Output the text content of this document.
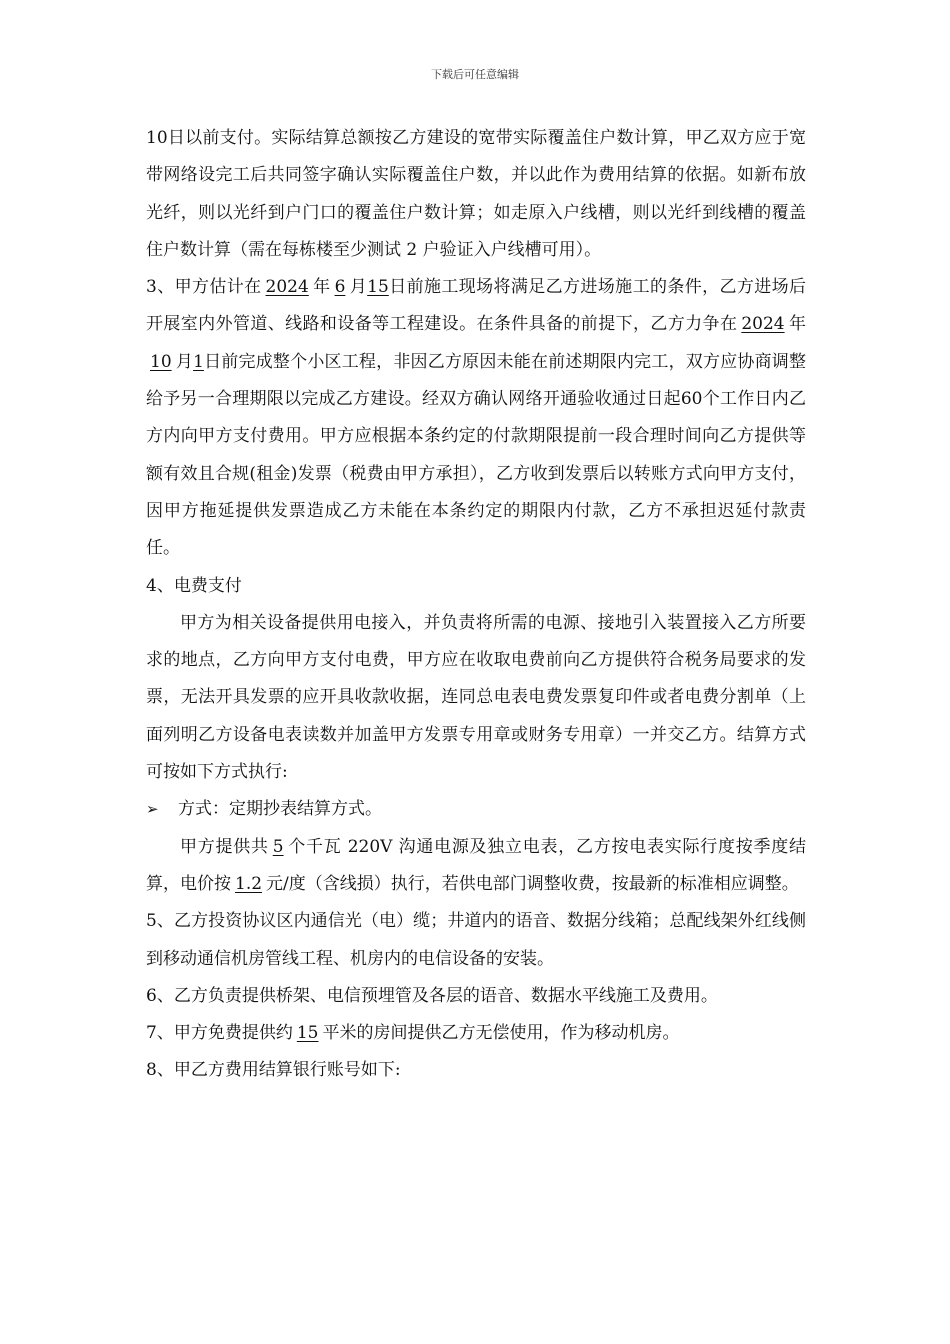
下载后可任意编辑

10日以前支付。实际结算总额按乙方建设的宽带实际覆盖住户数计算，甲乙双方应于宽带网络设完工后共同签字确认实际覆盖住户数，并以此作为费用结算的依据。如新布放光纤，则以光纤到户门口的覆盖住户数计算；如走原入户线槽，则以光纤到线槽的覆盖住户数计算（需在每栋楼至少测试 2 户验证入户线槽可用）。

3、甲方估计在 2024 年 6 月15日前施工现场将满足乙方进场施工的条件，乙方进场后开展室内外管道、线路和设备等工程建设。在条件具备的前提下，乙方力争在 2024 年10 月1日前完成整个小区工程，非因乙方原因未能在前述期限内完工，双方应协商调整给予另一合理期限以完成乙方建设。经双方确认网络开通验收通过日起60个工作日内乙方内向甲方支付费用。甲方应根据本条约定的付款期限提前一段合理时间向乙方提供等额有效且合规(租金)发票（税费由甲方承担），乙方收到发票后以转账方式向甲方支付，因甲方拖延提供发票造成乙方未能在本条约定的期限内付款，乙方不承担迟延付款责任。

4、电费支付

甲方为相关设备提供用电接入，并负责将所需的电源、接地引入装置接入乙方所要求的地点，乙方向甲方支付电费，甲方应在收取电费前向乙方提供符合税务局要求的发票，无法开具发票的应开具收款收据，连同总电表电费发票复印件或者电费分割单（上面列明乙方设备电表读数并加盖甲方发票专用章或财务专用章）一并交乙方。结算方式可按如下方式执行:

➢ 方式：定期抄表结算方式。

甲方提供共 5 个千瓦 220V 沟通电源及独立电表，乙方按电表实际行度按季度结算，电价按 1.2 元/度（含线损）执行，若供电部门调整收费，按最新的标准相应调整。

5、乙方投资协议区内通信光（电）缆；井道内的语音、数据分线箱；总配线架外红线侧到移动通信机房管线工程、机房内的电信设备的安装。

6、乙方负责提供桥架、电信预埋管及各层的语音、数据水平线施工及费用。

7、甲方免费提供约 15 平米的房间提供乙方无偿使用，作为移动机房。

8、甲乙方费用结算银行账号如下:
